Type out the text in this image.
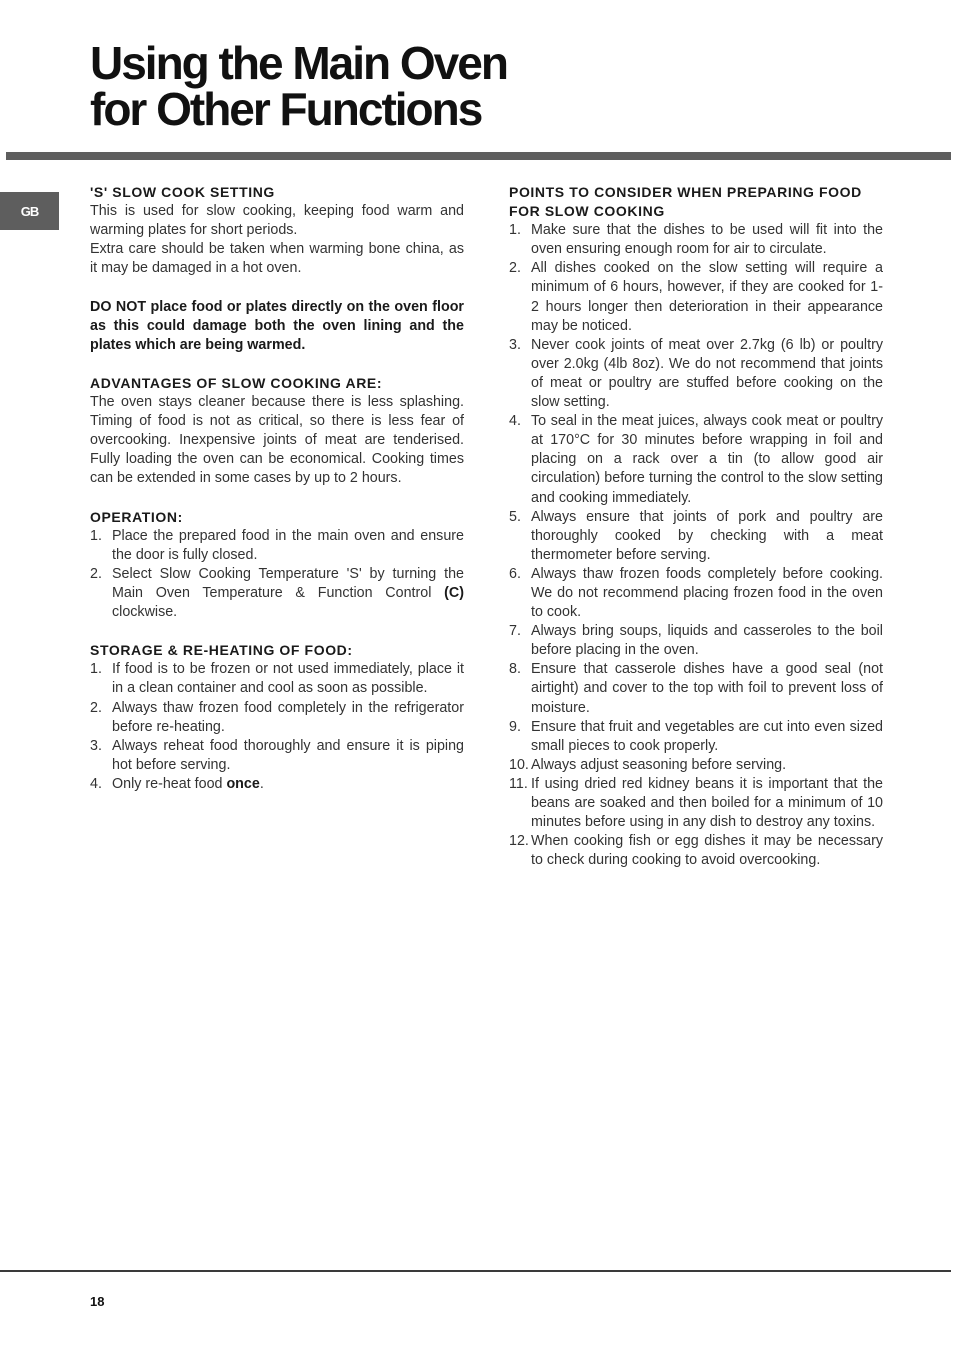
Using the Main Oven
for Other Functions
GB

'S' SLOW COOK SETTING

This is used for slow cooking, keeping food warm and warming plates for short periods.

Extra care should be taken when warming bone china, as it may be damaged in a hot oven.

DO NOT place food or plates directly on the oven floor as this could damage both the oven lining and the plates which are being warmed.

ADVANTAGES OF SLOW COOKING ARE:

The oven stays cleaner because there is less splashing. Timing of food is not as critical, so there is less fear of overcooking. Inexpensive joints of meat are tenderised. Fully loading the oven can be economical. Cooking times can be extended in some cases by up to 2 hours.

OPERATION:

1. Place the prepared food in the main oven and ensure the door is fully closed.
2. Select Slow Cooking Temperature 'S' by turning the Main Oven Temperature & Function Control (C) clockwise.

STORAGE & RE-HEATING OF FOOD:

1. If food is to be frozen or not used immediately, place it in a clean container and cool as soon as possible.
2. Always thaw frozen food completely in the refrigerator before re-heating.
3. Always reheat food thoroughly and ensure it is piping hot before serving.
4. Only re-heat food once.

POINTS TO CONSIDER WHEN PREPARING FOOD FOR SLOW COOKING

1. Make sure that the dishes to be used will fit into the oven ensuring enough room for air to circulate.
2. All dishes cooked on the slow setting will require a minimum of 6 hours, however, if they are cooked for 1-2 hours longer then deterioration in their appearance may be noticed.
3. Never cook joints of meat over 2.7kg (6 lb) or poultry over 2.0kg (4lb 8oz). We do not recommend that joints of meat or poultry are stuffed before cooking on the slow setting.
4. To seal in the meat juices, always cook meat or poultry at 170°C for 30 minutes before wrapping in foil and placing on a rack over a tin (to allow good air circulation) before turning the control to the slow setting and cooking immediately.
5. Always ensure that joints of pork and poultry are thoroughly cooked by checking with a meat thermometer before serving.
6. Always thaw frozen foods completely before cooking. We do not recommend placing frozen food in the oven to cook.
7. Always bring soups, liquids and casseroles to the boil before placing in the oven.
8. Ensure that casserole dishes have a good seal (not airtight) and cover to the top with foil to prevent loss of moisture.
9. Ensure that fruit and vegetables are cut into even sized small pieces to cook properly.
10. Always adjust seasoning before serving.
11. If using dried red kidney beans it is important that the beans are soaked and then boiled for a minimum of 10 minutes before using in any dish to destroy any toxins.
12. When cooking fish or egg dishes it may be necessary to check during cooking to avoid overcooking.
18
